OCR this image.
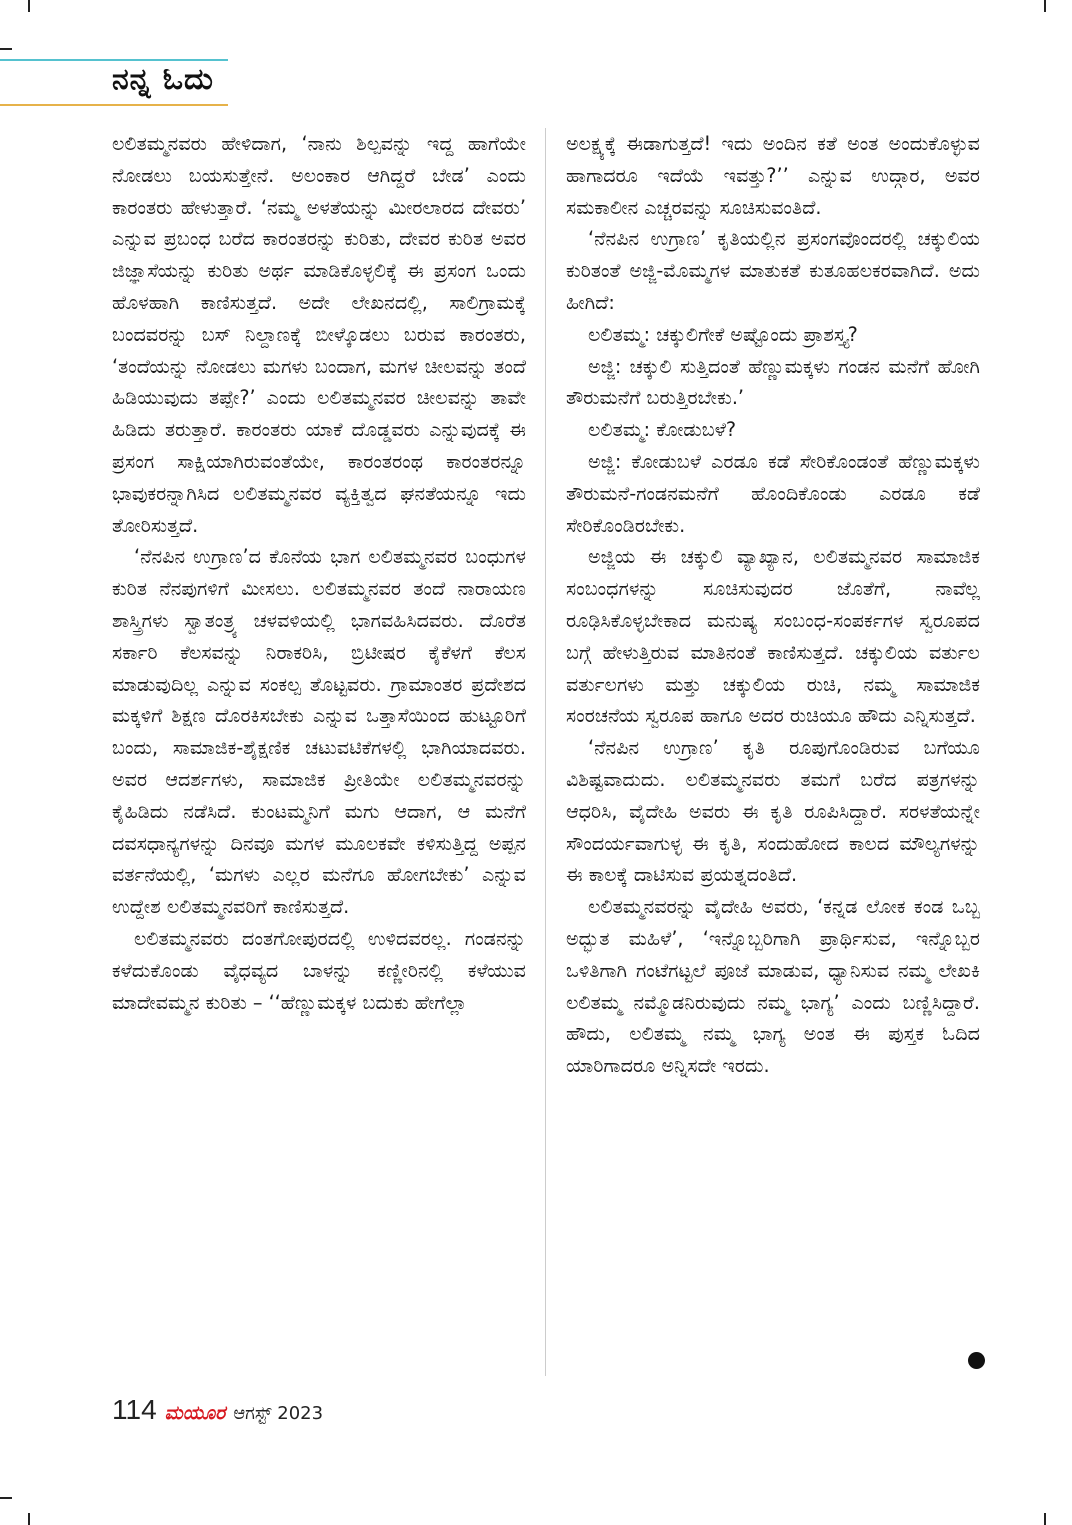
ನನ್ನ ಓದು

ಲಲಿತಮ್ಮನವರು ಹೇಳಿದಾಗ, ‘ನಾನು ಶಿಲ್ಪವನ್ನು ಇದ್ದ ಹಾಗೆಯೇ ನೋಡಲು ಬಯಸುತ್ತೇನೆ. ಅಲಂಕಾರ ಆಗಿದ್ದರೆ ಬೇಡ’ ಎಂದು ಕಾರಂತರು ಹೇಳುತ್ತಾರೆ. ‘ನಮ್ಮ ಅಳತೆಯನ್ನು ಮೀರಲಾರದ ದೇವರು’ ಎನ್ನುವ ಪ್ರಬಂಧ ಬರೆದ ಕಾರಂತರನ್ನು ಕುರಿತು, ದೇವರ ಕುರಿತ ಅವರ ಜಿಜ್ಞಾಸೆಯನ್ನು ಕುರಿತು ಅರ್ಥ ಮಾಡಿಕೊಳ್ಳಲಿಕ್ಕೆ ಈ ಪ್ರಸಂಗ ಒಂದು ಹೊಳಹಾಗಿ ಕಾಣಿಸುತ್ತದೆ. ಅದೇ ಲೇಖನದಲ್ಲಿ, ಸಾಲಿಗ್ರಾಮಕ್ಕೆ ಬಂದವರನ್ನು ಬಸ್ ನಿಲ್ದಾಣಕ್ಕೆ ಬೀಳ್ಕೊಡಲು ಬರುವ ಕಾರಂತರು, ‘ತಂದೆಯನ್ನು ನೋಡಲು ಮಗಳು ಬಂದಾಗ, ಮಗಳ ಚೀಲವನ್ನು ತಂದೆ ಹಿಡಿಯುವುದು ತಪ್ಪೇ?’ ಎಂದು ಲಲಿತಮ್ಮನವರ ಚೀಲವನ್ನು ತಾವೇ ಹಿಡಿದು ತರುತ್ತಾರೆ. ಕಾರಂತರು ಯಾಕೆ ದೊಡ್ಡವರು ಎನ್ನುವುದಕ್ಕೆ ಈ ಪ್ರಸಂಗ ಸಾಕ್ಷಿಯಾಗಿರುವಂತೆಯೇ, ಕಾರಂತರಂಥ ಕಾರಂತರನ್ನೂ ಭಾವುಕರನ್ನಾಗಿಸಿದ ಲಲಿತಮ್ಮನವರ ವ್ಯಕ್ತಿತ್ವದ ಘನತೆಯನ್ನೂ ಇದು ತೋರಿಸುತ್ತದೆ.

‘ನೆನಪಿನ ಉಗ್ರಾಣ’ದ ಕೊನೆಯ ಭಾಗ ಲಲಿತಮ್ಮನವರ ಬಂಧುಗಳ ಕುರಿತ ನೆನಪುಗಳಿಗೆ ಮೀಸಲು. ಲಲಿತಮ್ಮನವರ ತಂದೆ ನಾರಾಯಣ ಶಾಸ್ತ್ರಿಗಳು ಸ್ವಾತಂತ್ರ್ಯ ಚಳವಳಿಯಲ್ಲಿ ಭಾಗವಹಿಸಿದವರು. ದೊರೆತ ಸರ್ಕಾರಿ ಕೆಲಸವನ್ನು ನಿರಾಕರಿಸಿ, ಬ್ರಿಟೀಷರ ಕೈಕೆಳಗೆ ಕೆಲಸ ಮಾಡುವುದಿಲ್ಲ ಎನ್ನುವ ಸಂಕಲ್ಪ ತೊಟ್ಟವರು. ಗ್ರಾಮಾಂತರ ಪ್ರದೇಶದ ಮಕ್ಕಳಿಗೆ ಶಿಕ್ಷಣ ದೊರಕಿಸಬೇಕು ಎನ್ನುವ ಒತ್ತಾಸೆಯಿಂದ ಹುಟ್ಟೂರಿಗೆ ಬಂದು, ಸಾಮಾಜಿಕ-ಶೈಕ್ಷಣಿಕ ಚಟುವಟಿಕೆಗಳಲ್ಲಿ ಭಾಗಿಯಾದವರು. ಅವರ ಆದರ್ಶಗಳು, ಸಾಮಾಜಿಕ ಪ್ರೀತಿಯೇ ಲಲಿತಮ್ಮನವರನ್ನು ಕೈಹಿಡಿದು ನಡೆಸಿದೆ. ಕುಂಟಮ್ಮನಿಗೆ ಮಗು ಆದಾಗ, ಆ ಮನೆಗೆ ದವಸಧಾನ್ಯಗಳನ್ನು ದಿನವೂ ಮಗಳ ಮೂಲಕವೇ ಕಳಿಸುತ್ತಿದ್ದ ಅಪ್ಪನ ವರ್ತನೆಯಲ್ಲಿ, ‘ಮಗಳು ಎಲ್ಲರ ಮನೆಗೂ ಹೋಗಬೇಕು’ ಎನ್ನುವ ಉದ್ದೇಶ ಲಲಿತಮ್ಮನವರಿಗೆ ಕಾಣಿಸುತ್ತದೆ.

ಲಲಿತಮ್ಮನವರು ದಂತಗೋಪುರದಲ್ಲಿ ಉಳಿದವರಲ್ಲ. ಗಂಡನನ್ನು ಕಳೆದುಕೊಂಡು ವೈಧವ್ಯದ ಬಾಳನ್ನು ಕಣ್ಣೀರಿನಲ್ಲಿ ಕಳೆಯುವ ಮಾದೇವಮ್ಮನ ಕುರಿತು – ‘‘ಹೆಣ್ಣುಮಕ್ಕಳ ಬದುಕು ಹೇಗೆಲ್ಲಾ

ಅಲಕ್ಷ್ಯಕ್ಕೆ ಈಡಾಗುತ್ತದೆ! ಇದು ಅಂದಿನ ಕತೆ ಅಂತ ಅಂದುಕೊಳ್ಳುವ ಹಾಗಾದರೂ ಇದೆಯೆ ಇವತ್ತು?’’ ಎನ್ನುವ ಉದ್ಗಾರ, ಅವರ ಸಮಕಾಲೀನ ಎಚ್ಚರವನ್ನು ಸೂಚಿಸುವಂತಿದೆ.

‘ನೆನಪಿನ ಉಗ್ರಾಣ’ ಕೃತಿಯಲ್ಲಿನ ಪ್ರಸಂಗವೊಂದರಲ್ಲಿ ಚಕ್ಕುಲಿಯ ಕುರಿತಂತೆ ಅಜ್ಜಿ-ಮೊಮ್ಮಗಳ ಮಾತುಕತೆ ಕುತೂಹಲಕರವಾಗಿದೆ. ಅದು ಹೀಗಿದೆ:

ಲಲಿತಮ್ಮ: ಚಕ್ಕುಲಿಗೇಕೆ ಅಷ್ಟೊಂದು ಪ್ರಾಶಸ್ತ್ಯ?

ಅಜ್ಜಿ: ಚಕ್ಕುಲಿ ಸುತ್ತಿದಂತೆ ಹೆಣ್ಣುಮಕ್ಕಳು ಗಂಡನ ಮನೆಗೆ ಹೋಗಿ ತೌರುಮನೆಗೆ ಬರುತ್ತಿರಬೇಕು.’

ಲಲಿತಮ್ಮ: ಕೋಡುಬಳೆ?

ಅಜ್ಜಿ: ಕೋಡುಬಳೆ ಎರಡೂ ಕಡೆ ಸೇರಿಕೊಂಡಂತೆ ಹೆಣ್ಣುಮಕ್ಕಳು ತೌರುಮನೆ-ಗಂಡನಮನೆಗೆ ಹೊಂದಿಕೊಂಡು ಎರಡೂ ಕಡೆ ಸೇರಿಕೊಂಡಿರಬೇಕು.

ಅಜ್ಜಿಯ ಈ ಚಕ್ಕುಲಿ ವ್ಯಾಖ್ಯಾನ, ಲಲಿತಮ್ಮನವರ ಸಾಮಾಜಿಕ ಸಂಬಂಧಗಳನ್ನು ಸೂಚಿಸುವುದರ ಜೊತೆಗೆ, ನಾವೆಲ್ಲ ರೂಢಿಸಿಕೊಳ್ಳಬೇಕಾದ ಮನುಷ್ಯ ಸಂಬಂಧ-ಸಂಪರ್ಕಗಳ ಸ್ವರೂಪದ ಬಗ್ಗೆ ಹೇಳುತ್ತಿರುವ ಮಾತಿನಂತೆ ಕಾಣಿಸುತ್ತದೆ. ಚಕ್ಕುಲಿಯ ವರ್ತುಲ ವರ್ತುಲಗಳು ಮತ್ತು ಚಕ್ಕುಲಿಯ ರುಚಿ, ನಮ್ಮ ಸಾಮಾಜಿಕ ಸಂರಚನೆಯ ಸ್ವರೂಪ ಹಾಗೂ ಅದರ ರುಚಿಯೂ ಹೌದು ಎನ್ನಿಸುತ್ತದೆ.

‘ನೆನಪಿನ ಉಗ್ರಾಣ’ ಕೃತಿ ರೂಪುಗೊಂಡಿರುವ ಬಗೆಯೂ ವಿಶಿಷ್ಟವಾದುದು. ಲಲಿತಮ್ಮನವರು ತಮಗೆ ಬರೆದ ಪತ್ರಗಳನ್ನು ಆಧರಿಸಿ, ವೈದೇಹಿ ಅವರು ಈ ಕೃತಿ ರೂಪಿಸಿದ್ದಾರೆ. ಸರಳತೆಯನ್ನೇ ಸೌಂದರ್ಯವಾಗುಳ್ಳ ಈ ಕೃತಿ, ಸಂದುಹೋದ ಕಾಲದ ಮೌಲ್ಯಗಳನ್ನು ಈ ಕಾಲಕ್ಕೆ ದಾಟಿಸುವ ಪ್ರಯತ್ನದಂತಿದೆ.

ಲಲಿತಮ್ಮನವರನ್ನು ವೈದೇಹಿ ಅವರು, ‘ಕನ್ನಡ ಲೋಕ ಕಂಡ ಒಬ್ಬ ಅದ್ಭುತ ಮಹಿಳೆ’, ‘ಇನ್ನೊಬ್ಬರಿಗಾಗಿ ಪ್ರಾರ್ಥಿಸುವ, ಇನ್ನೊಬ್ಬರ ಒಳಿತಿಗಾಗಿ ಗಂಟೆಗಟ್ಟಲೆ ಪೂಜೆ ಮಾಡುವ, ಧ್ಯಾನಿಸುವ ನಮ್ಮ ಲೇಖಕಿ ಲಲಿತಮ್ಮ ನಮ್ಮೊಡನಿರುವುದು ನಮ್ಮ ಭಾಗ್ಯ’ ಎಂದು ಬಣ್ಣಿಸಿದ್ದಾರೆ. ಹೌದು, ಲಲಿತಮ್ಮ ನಮ್ಮ ಭಾಗ್ಯ ಅಂತ ಈ ಪುಸ್ತಕ ಓದಿದ ಯಾರಿಗಾದರೂ ಅನ್ನಿಸದೇ ಇರದು.

114 ಮಯೂರ ಆಗಸ್ಟ್ 2023
